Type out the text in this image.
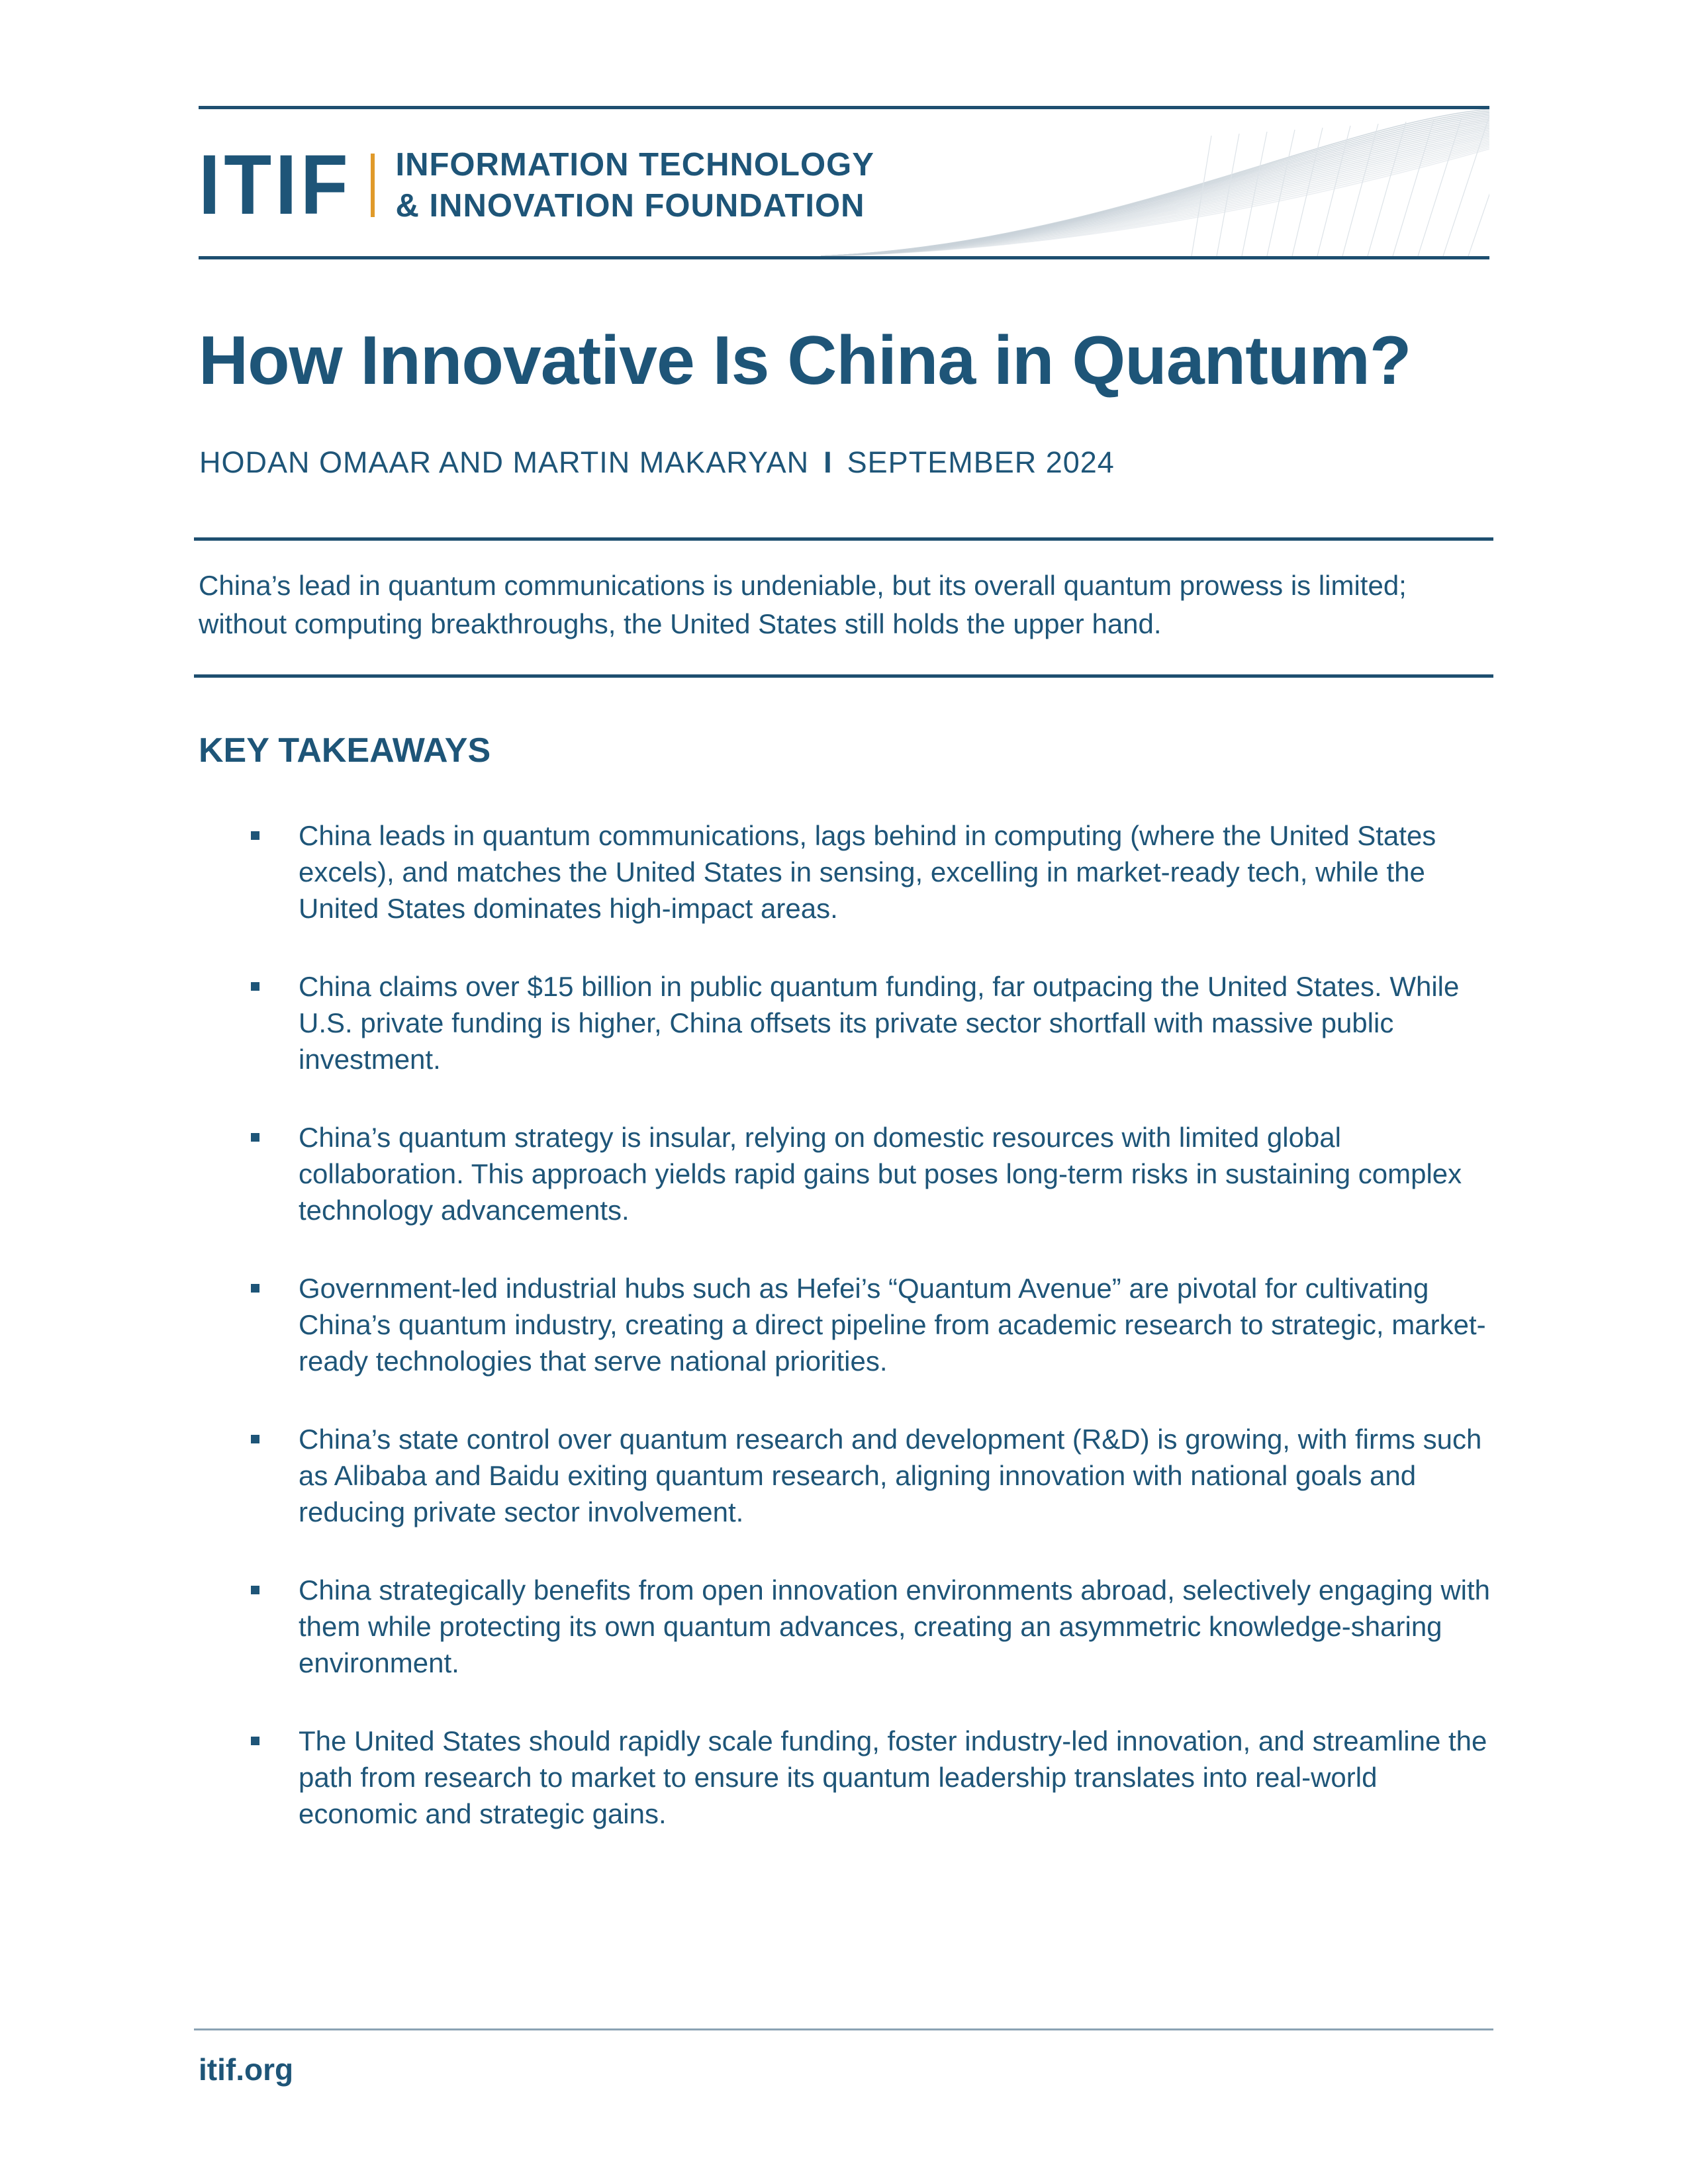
ITIF INFORMATION TECHNOLOGY
& INNOVATION FOUNDATION
How Innovative Is China in Quantum?
HODAN OMAAR AND MARTIN MAKARYAN I SEPTEMBER 2024

China’s lead in quantum communications is undeniable, but its overall quantum prowess is limited; without computing breakthroughs, the United States still holds the upper hand.

KEY TAKEAWAYS
China leads in quantum communications, lags behind in computing (where the United States excels), and matches the United States in sensing, excelling in market-ready tech, while the United States dominates high-impact areas.
China claims over $15 billion in public quantum funding, far outpacing the United States. While U.S. private funding is higher, China offsets its private sector shortfall with massive public investment.
China’s quantum strategy is insular, relying on domestic resources with limited global collaboration. This approach yields rapid gains but poses long-term risks in sustaining complex technology advancements.
Government-led industrial hubs such as Hefei’s “Quantum Avenue” are pivotal for cultivating China’s quantum industry, creating a direct pipeline from academic research to strategic, market-ready technologies that serve national priorities.
China’s state control over quantum research and development (R&D) is growing, with firms such as Alibaba and Baidu exiting quantum research, aligning innovation with national goals and reducing private sector involvement.
China strategically benefits from open innovation environments abroad, selectively engaging with them while protecting its own quantum advances, creating an asymmetric knowledge-sharing environment.
The United States should rapidly scale funding, foster industry-led innovation, and streamline the path from research to market to ensure its quantum leadership translates into real-world economic and strategic gains.
itif.org
